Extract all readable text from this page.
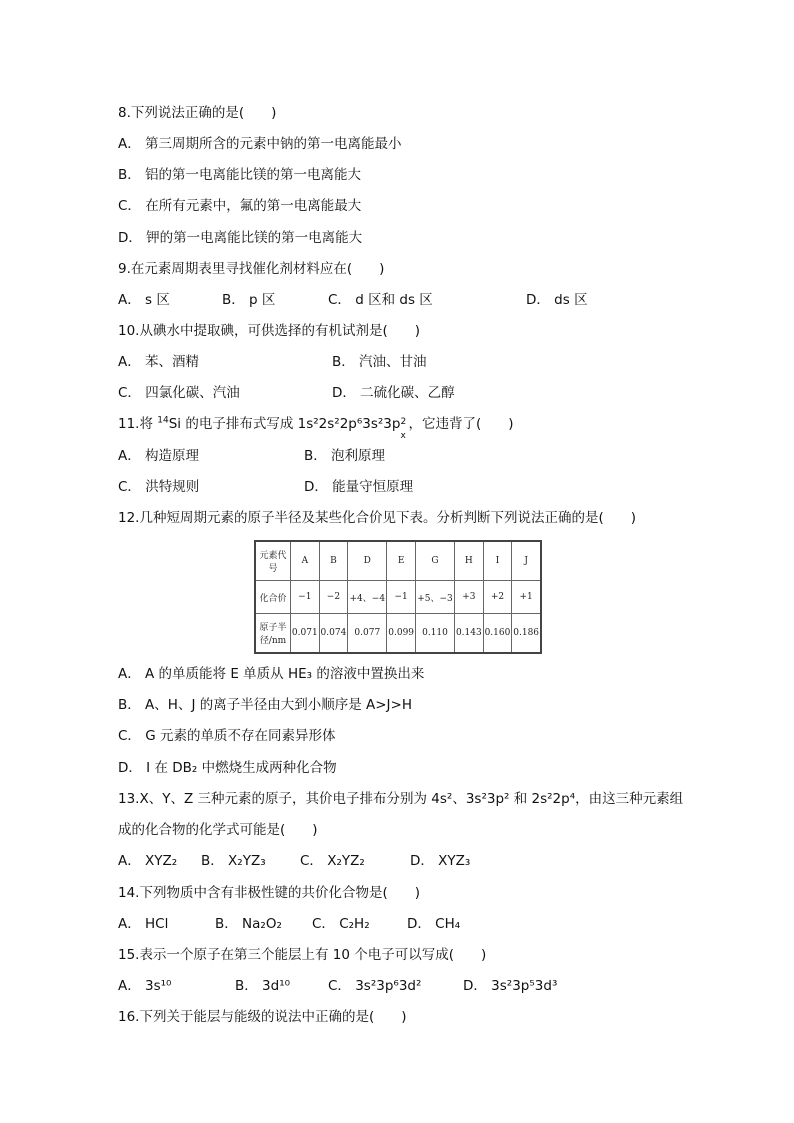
8.下列说法正确的是(　　)
A． 第三周期所含的元素中钠的第一电离能最小
B． 铝的第一电离能比镁的第一电离能大
C． 在所有元素中，氟的第一电离能最大
D． 钾的第一电离能比镁的第一电离能大
9.在元素周期表里寻找催化剂材料应在(　　)
A． s 区	B． p 区	C． d 区和 ds 区	D． ds 区
10.从碘水中提取碘，可供选择的有机试剂是(　　)
A． 苯、酒精	B． 汽油、甘油
C． 四氯化碳、汽油	D． 二硫化碳、乙醇
11.将 $^{14}$Si 的电子排布式写成 1s²2s²2p⁶3s²3p 2
x
，它违背了(　　)
A． 构造原理	B． 泡利原理
C． 洪特规则	D． 能量守恒原理
12.几种短周期元素的原子半径及某些化合价见下表。分析判断下列说法正确的是(　　)
元素代号	A	B	D	E	G	H	I	J
化合价	−1	−2	+4、−4	−1	+5、−3	+3	+2	+1
原子半径/nm	0.071	0.074	0.077	0.099	0.110	0.143	0.160	0.186
A． A 的单质能将 E 单质从 HE₃ 的溶液中置换出来
B． A、H、J 的离子半径由大到小顺序是 A>J>H
C． G 元素的单质不存在同素异形体
D． I 在 DB₂ 中燃烧生成两种化合物
13.X、Y、Z 三种元素的原子，其价电子排布分别为 4s²、3s²3p² 和 2s²2p⁴，由这三种元素组
成的化合物的化学式可能是(　　)
A． XYZ₂ B． X₂YZ₃	C． X₂YZ₂	D． XYZ₃
14.下列物质中含有非极性键的共价化合物是(　　)
A． HCl	B． Na₂O₂ C． C₂H₂	D． CH₄
15.表示一个原子在第三个能层上有 10 个电子可以写成(　　)
A． 3s¹⁰	B． 3d¹⁰	C． 3s²3p⁶3d²	D． 3s²3p⁵3d³
16.下列关于能层与能级的说法中正确的是(　　)
